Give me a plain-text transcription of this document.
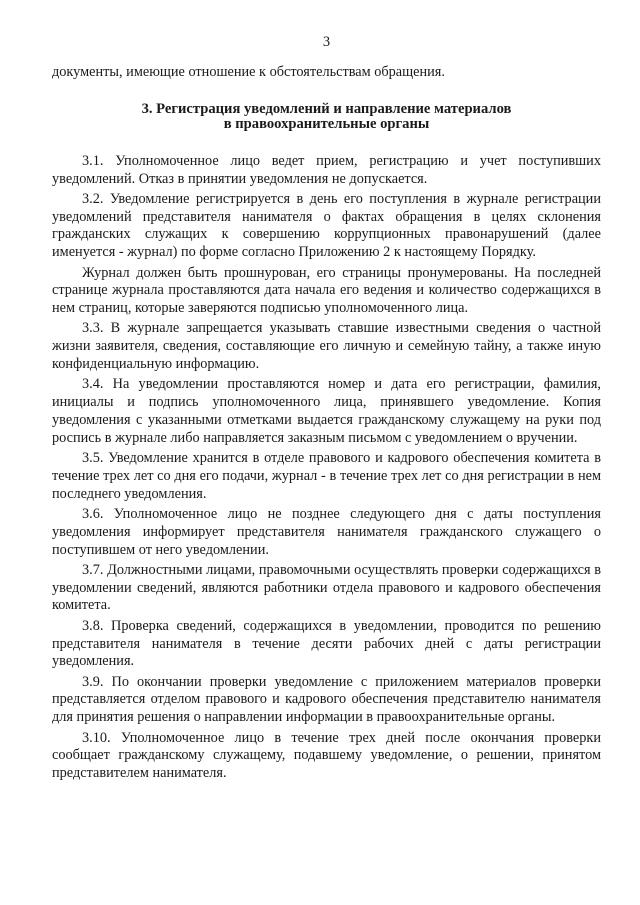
3

документы, имеющие отношение к обстоятельствам обращения.

3. Регистрация уведомлений и направление материалов
в правоохранительные органы

3.1. Уполномоченное лицо ведет прием, регистрацию и учет поступивших уведомлений. Отказ в принятии уведомления не допускается.

3.2. Уведомление регистрируется в день его поступления в журнале регистрации уведомлений представителя нанимателя о фактах обращения в целях склонения гражданских служащих к совершению коррупционных правонарушений (далее именуется - журнал) по форме согласно Приложению 2 к настоящему Порядку.

Журнал должен быть прошнурован, его страницы пронумерованы. На последней странице журнала проставляются дата начала его ведения и количество содержащихся в нем страниц, которые заверяются подписью уполномоченного лица.

3.3. В журнале запрещается указывать ставшие известными сведения о частной жизни заявителя, сведения, составляющие его личную и семейную тайну, а также иную конфиденциальную информацию.

3.4. На уведомлении проставляются номер и дата его регистрации, фамилия, инициалы и подпись уполномоченного лица, принявшего уведомление. Копия уведомления с указанными отметками выдается гражданскому служащему на руки под роспись в журнале либо направляется заказным письмом с уведомлением о вручении.

3.5. Уведомление хранится в отделе правового и кадрового обеспечения комитета в течение трех лет со дня его подачи, журнал - в течение трех лет со дня регистрации в нем последнего уведомления.

3.6. Уполномоченное лицо не позднее следующего дня с даты поступления уведомления информирует представителя нанимателя гражданского служащего о поступившем от него уведомлении.

3.7. Должностными лицами, правомочными осуществлять проверки содержащихся в уведомлении сведений, являются работники отдела правового и кадрового обеспечения комитета.

3.8. Проверка сведений, содержащихся в уведомлении, проводится по решению представителя нанимателя в течение десяти рабочих дней с даты регистрации уведомления.

3.9. По окончании проверки уведомление с приложением материалов проверки представляется отделом правового и кадрового обеспечения представителю нанимателя для принятия решения о направлении информации в правоохранительные органы.

3.10. Уполномоченное лицо в течение трех дней после окончания проверки сообщает гражданскому служащему, подавшему уведомление, о решении, принятом представителем нанимателя.
